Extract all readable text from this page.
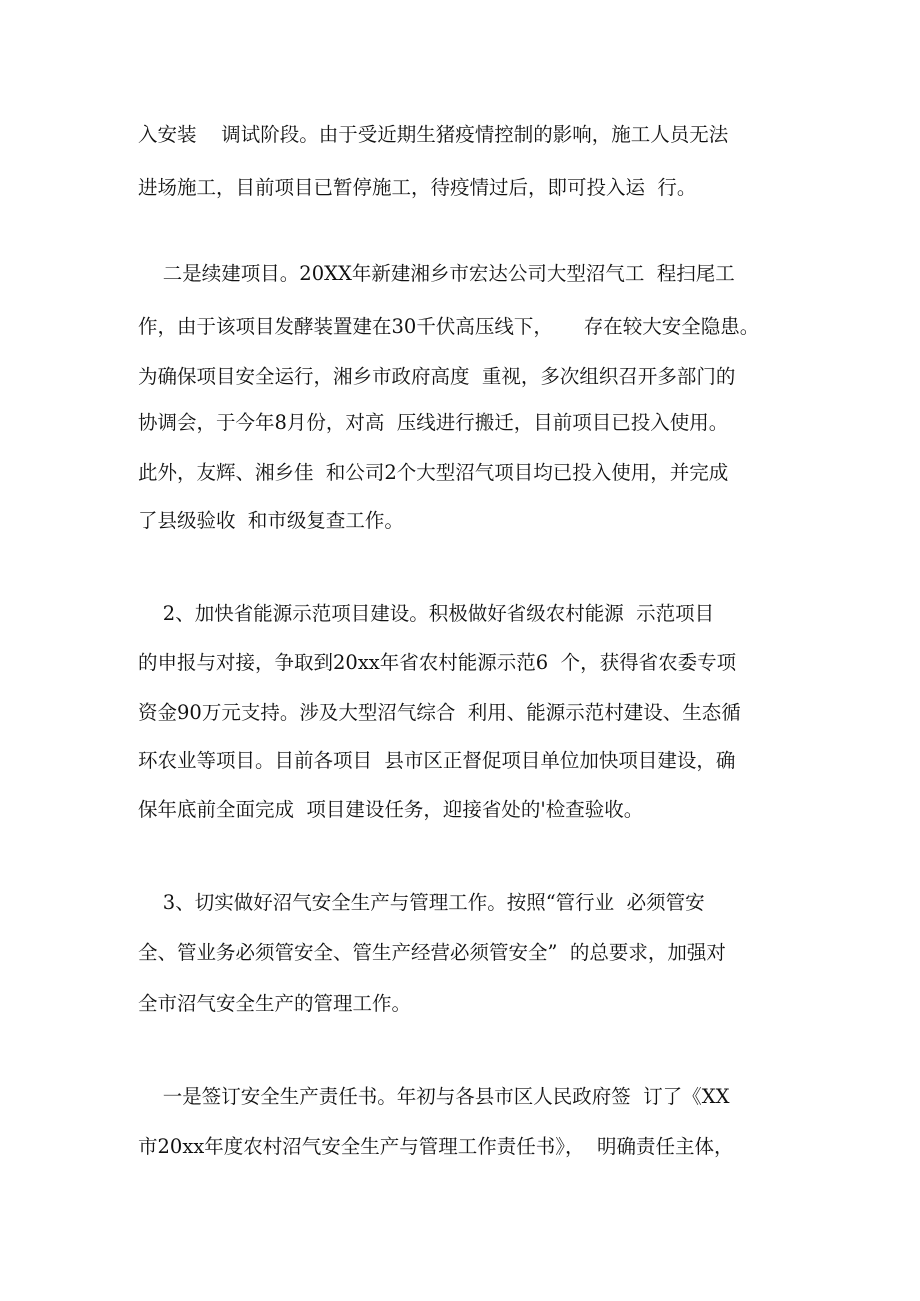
入安装    调试阶段。由于受近期生猪疫情控制的影响，施工人员无法
进场施工，目前项目已暂停施工，待疫情过后，即可投入运  行。
二是续建项目。20XX年新建湘乡市宏达公司大型沼气工  程扫尾工
作，由于该项目发酵装置建在30千伏高压线下，     存在较大安全隐患。
为确保项目安全运行，湘乡市政府高度  重视，多次组织召开多部门的
协调会，于今年8月份，对高  压线进行搬迁，目前项目已投入使用。
此外，友辉、湘乡佳  和公司2个大型沼气项目均已投入使用，并完成
了县级验收  和市级复查工作。
2、加快省能源示范项目建设。积极做好省级农村能源  示范项目
的申报与对接，争取到20xx年省农村能源示范6  个，获得省农委专项
资金90万元支持。涉及大型沼气综合  利用、能源示范村建设、生态循
环农业等项目。目前各项目  县市区正督促项目单位加快项目建设，确
保年底前全面完成  项目建设任务，迎接省处的'检查验收。
3、切实做好沼气安全生产与管理工作。按照“管行业  必须管安
全、管业务必须管安全、管生产经营必须管安全”  的总要求，加强对
全市沼气安全生产的管理工作。
一是签订安全生产责任书。年初与各县市区人民政府签  订了《XX
市20xx年度农村沼气安全生产与管理工作责任书》，  明确责任主体，
